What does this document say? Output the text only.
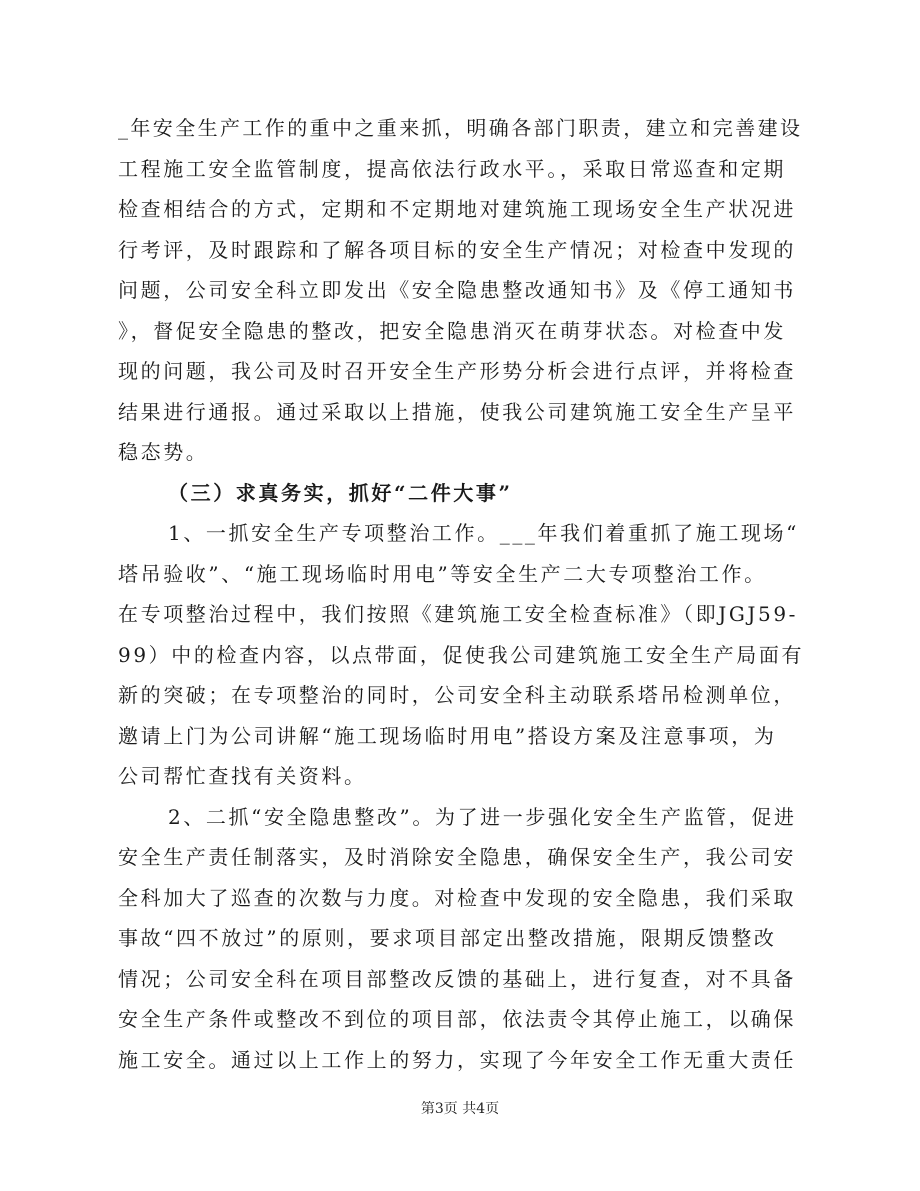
_年安全生产工作的重中之重来抓，明确各部门职责，建立和完善建设
工程施工安全监管制度，提高依法行政水平。，采取日常巡查和定期
检查相结合的方式，定期和不定期地对建筑施工现场安全生产状况进
行考评，及时跟踪和了解各项目标的安全生产情况；对检查中发现的
问题，公司安全科立即发出《安全隐患整改通知书》及《停工通知书
》，督促安全隐患的整改，把安全隐患消灭在萌芽状态。对检查中发
现的问题，我公司及时召开安全生产形势分析会进行点评，并将检查
结果进行通报。通过采取以上措施，使我公司建筑施工安全生产呈平
稳态势。
（三）求真务实，抓好“二件大事”
1、一抓安全生产专项整治工作。___年我们着重抓了施工现场“
塔吊验收”、“施工现场临时用电”等安全生产二大专项整治工作。
在专项整治过程中，我们按照《建筑施工安全检查标准》（即JGJ59-
99）中的检查内容，以点带面，促使我公司建筑施工安全生产局面有
新的突破；在专项整治的同时，公司安全科主动联系塔吊检测单位，
邀请上门为公司讲解“施工现场临时用电”搭设方案及注意事项，为
公司帮忙查找有关资料。
2、二抓“安全隐患整改”。为了进一步强化安全生产监管，促进
安全生产责任制落实，及时消除安全隐患，确保安全生产，我公司安
全科加大了巡查的次数与力度。对检查中发现的安全隐患，我们采取
事故“四不放过”的原则，要求项目部定出整改措施，限期反馈整改
情况；公司安全科在项目部整改反馈的基础上，进行复查，对不具备
安全生产条件或整改不到位的项目部，依法责令其停止施工，以确保
施工安全。通过以上工作上的努力，实现了今年安全工作无重大责任
第3页 共4页
